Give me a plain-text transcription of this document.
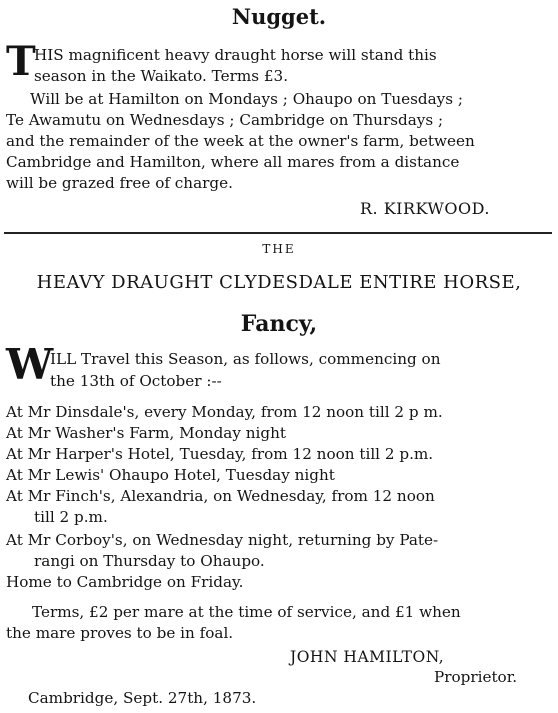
Nugget.
T
HIS magnificent heavy draught horse will stand this
season in the Waikato. Terms £3.
Will be at Hamilton on Mondays ; Ohaupo on Tuesdays ;
Te Awamutu on Wednesdays ; Cambridge on Thursdays ;
and the remainder of the week at the owner's farm, between
Cambridge and Hamilton, where all mares from a distance
will be grazed free of charge.
R. KIRKWOOD.
THE
HEAVY DRAUGHT CLYDESDALE ENTIRE HORSE,
Fancy,
W
ILL Travel this Season, as follows, commencing on
the 13th of October :--
At Mr Dinsdale's, every Monday, from 12 noon till 2 p m.
At Mr Washer's Farm, Monday night
At Mr Harper's Hotel, Tuesday, from 12 noon till 2 p.m.
At Mr Lewis' Ohaupo Hotel, Tuesday night
At Mr Finch's, Alexandria, on Wednesday, from 12 noon
till 2 p.m.
At Mr Corboy's, on Wednesday night, returning by Pate-
rangi on Thursday to Ohaupo.
Home to Cambridge on Friday.
Terms, £2 per mare at the time of service, and £1 when
the mare proves to be in foal.
JOHN HAMILTON,
Proprietor.
Cambridge, Sept. 27th, 1873.
